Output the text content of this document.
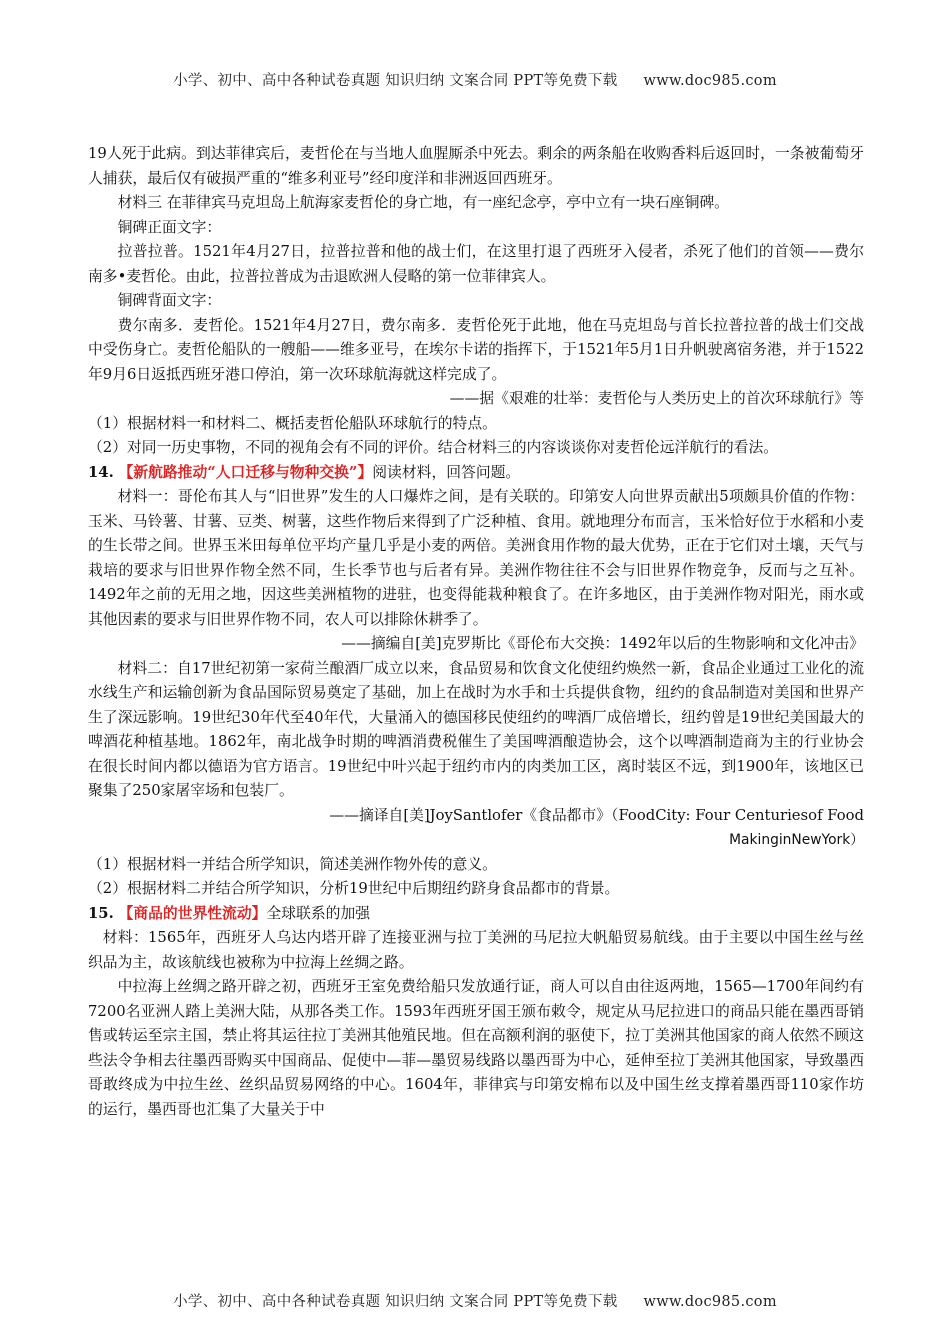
小学、初中、高中各种试卷真题 知识归纳 文案合同 PPT等免费下载 www.doc985.com

19人死于此病。到达菲律宾后，麦哲伦在与当地人血腥厮杀中死去。剩余的两条船在收购香料后返回时，一条被葡萄牙人捕获，最后仅有破损严重的“维多利亚号”经印度洋和非洲返回西班牙。

材料三 在菲律宾马克坦岛上航海家麦哲伦的身亡地，有一座纪念亭，亭中立有一块石座铜碑。

铜碑正面文字：

拉普拉普。1521年4月27日，拉普拉普和他的战士们，在这里打退了西班牙入侵者，杀死了他们的首领——费尔南多•麦哲伦。由此，拉普拉普成为击退欧洲人侵略的第一位菲律宾人。

铜碑背面文字：

费尔南多．麦哲伦。1521年4月27日，费尔南多．麦哲伦死于此地，他在马克坦岛与首长拉普拉普的战士们交战中受伤身亡。麦哲伦船队的一艘船——维多亚号，在埃尔卡诺的指挥下，于1521年5月1日升帆驶离宿务港，并于1522年9月6日返抵西班牙港口停泊，第一次环球航海就这样完成了。

——据《艰难的壮举：麦哲伦与人类历史上的首次环球航行》等

（1）根据材料一和材料二、概括麦哲伦船队环球航行的特点。

（2）对同一历史事物，不同的视角会有不同的评价。结合材料三的内容谈谈你对麦哲伦远洋航行的看法。

14. 【新航路推动“人口迁移与物种交换”】阅读材料，回答问题。

材料一：哥伦布其人与“旧世界”发生的人口爆炸之间，是有关联的。印第安人向世界贡献出5项颇具价值的作物：玉米、马铃薯、甘薯、豆类、树薯，这些作物后来得到了广泛种植、食用。就地理分布而言，玉米恰好位于水稻和小麦的生长带之间。世界玉米田每单位平均产量几乎是小麦的两倍。美洲食用作物的最大优势，正在于它们对土壤，天气与栽培的要求与旧世界作物全然不同，生长季节也与后者有异。美洲作物往往不会与旧世界作物竞争，反而与之互补。1492年之前的无用之地，因这些美洲植物的进驻，也变得能栽种粮食了。在许多地区，由于美洲作物对阳光，雨水或其他因素的要求与旧世界作物不同，农人可以排除休耕季了。

——摘编自[美]克罗斯比《哥伦布大交换：1492年以后的生物影响和文化冲击》

材料二：自17世纪初第一家荷兰酿酒厂成立以来，食品贸易和饮食文化使纽约焕然一新，食品企业通过工业化的流水线生产和运输创新为食品国际贸易奠定了基础，加上在战时为水手和士兵提供食物，纽约的食品制造对美国和世界产生了深远影响。19世纪30年代至40年代，大量涌入的德国移民使纽约的啤酒厂成倍增长，纽约曾是19世纪美国最大的啤酒花种植基地。1862年，南北战争时期的啤酒消费税催生了美国啤酒酿造协会，这个以啤酒制造商为主的行业协会在很长时间内都以德语为官方语言。19世纪中叶兴起于纽约市内的肉类加工区，离时装区不远，到1900年，该地区已聚集了250家屠宰场和包装厂。

——摘译自[美]JoySantlofer《食品都市》（FoodCity: Four Centuriesof Food

MakinginNewYork）

（1）根据材料一并结合所学知识，简述美洲作物外传的意义。

（2）根据材料二并结合所学知识，分析19世纪中后期纽约跻身食品都市的背景。

15. 【商品的世界性流动】全球联系的加强

材料：1565年，西班牙人乌达内塔开辟了连接亚洲与拉丁美洲的马尼拉大帆船贸易航线。由于主要以中国生丝与丝织品为主，故该航线也被称为中拉海上丝绸之路。

中拉海上丝绸之路开辟之初，西班牙王室免费给船只发放通行证，商人可以自由往返两地，1565—1700年间约有7200名亚洲人踏上美洲大陆，从那各类工作。1593年西班牙国王颁布敕令，规定从马尼拉进口的商品只能在墨西哥销售或转运至宗主国，禁止将其运往拉丁美洲其他殖民地。但在高额利润的驱使下，拉丁美洲其他国家的商人依然不顾这些法令争相去往墨西哥购买中国商品、促使中—菲—墨贸易线路以墨西哥为中心，延伸至拉丁美洲其他国家，导致墨西哥敢终成为中拉生丝、丝织品贸易网络的中心。1604年，菲律宾与印第安棉布以及中国生丝支撑着墨西哥110家作坊的运行，墨西哥也汇集了大量关于中

小学、初中、高中各种试卷真题 知识归纳 文案合同 PPT等免费下载 www.doc985.com
